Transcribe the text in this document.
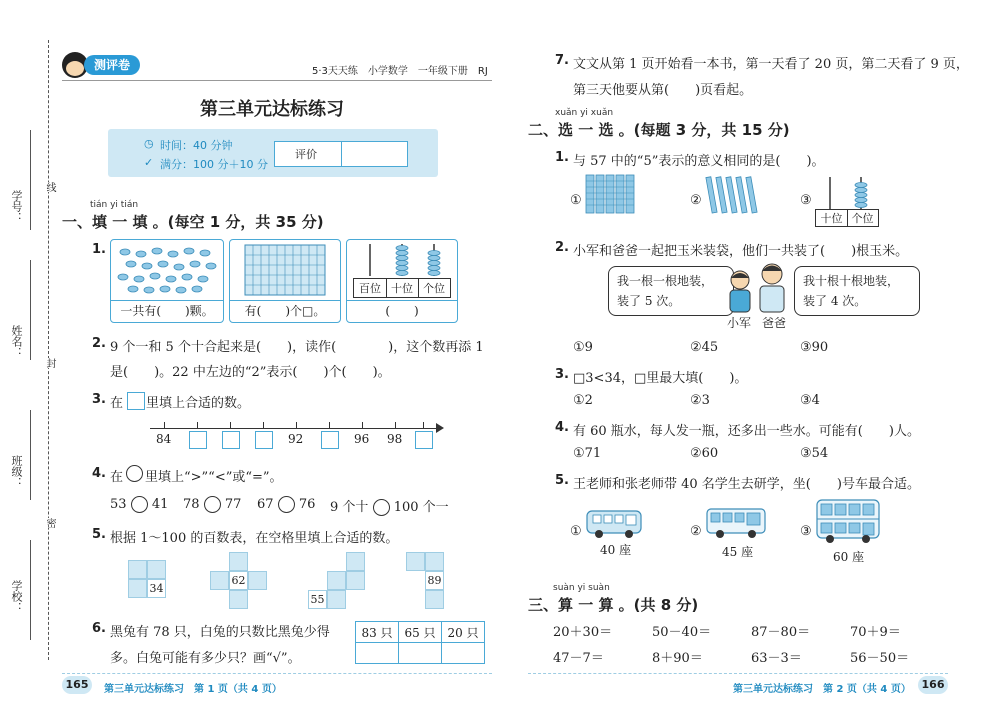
学号：
线
姓名：
封
班级：
密
学校：
测评卷	5·3天天练　小学数学　一年级下册　RJ
第三单元达标练习
◷ 时间：40 分钟
✓ 满分：100 分＋10 分
评价
tián yi tián
一、填 一 填 。(每空 1 分，共 35 分)
1.
一共有(　　)颗。	有(　　)个□。
百位 十位 个位
(　　)
2. 9 个一和 5 个十合起来是(　　)，读作(　　　　)，这个数再添 1
是(　　)。22 中左边的“2”表示(　　)个(　　)。
3. 在 里填上合适的数。
84	92	96 98
4. 在 里填上“>”“<”或“=”。
53 41 78 77 67 76 9 个十 100 个一
5. 根据 1～100 的百数表，在空格里填上合适的数。
34
62
55
89
6. 黑兔有 78 只，白兔的只数比黑兔少得
多。白兔可能有多少只？画“√”。
83 只	65 只	20 只

165	第三单元达标练习　第 1 页（共 4 页）
7. 文文从第 1 页开始看一本书，第一天看了 20 页，第二天看了 9 页，
第三天他要从第(　　)页看起。
xuǎn yi xuǎn
二、选 一 选 。(每题 3 分，共 15 分)
1. 与 57 中的“5”表示的意义相同的是(　　)。
①	②	③
十位 个位
2. 小军和爸爸一起把玉米装袋，他们一共装了(　　)根玉米。
我一根一根地装，
装了 5 次。
小军 爸爸
我十根十根地装，
装了 4 次。
①9	②45	③90
3. □3<34，□里最大填(　　)。
①2	②3	③4
4. 有 60 瓶水，每人发一瓶，还多出一些水。可能有(　　)人。
①71	②60	③54
5. 王老师和张老师带 40 名学生去研学，坐(　　)号车最合适。
①
40 座
②
45 座
③
60 座
suàn yi suàn
三、算 一 算 。(共 8 分)
20＋30＝	50－40＝	87－80＝	70＋9＝
47－7＝	8＋90＝	63－3＝	56－50＝
第三单元达标练习　第 2 页（共 4 页） 166
